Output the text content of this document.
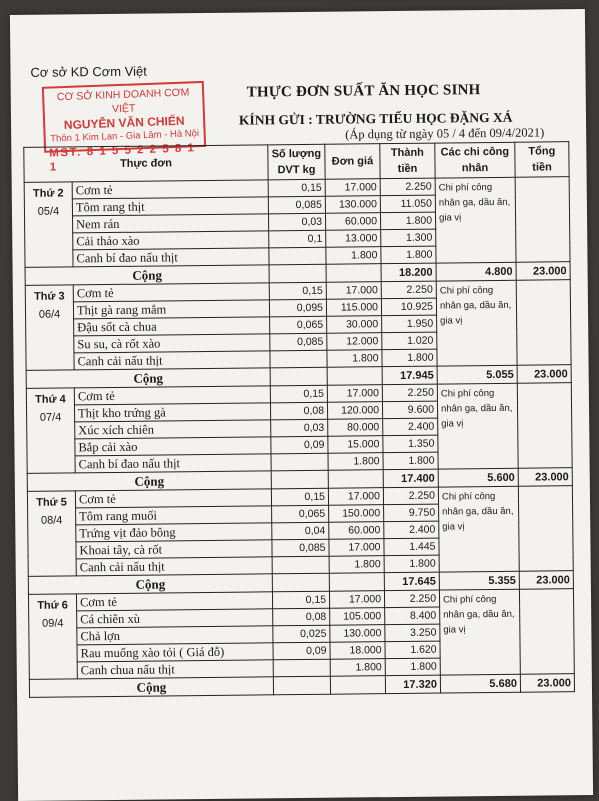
Cơ sở KD Cơm Việt
CƠ SỞ KINH DOANH CƠM VIỆT
NGUYỄN VĂN CHIẾN
Thôn 1 Kim Lan - Gia Lâm - Hà Nội
MST: 8 1 5 5 2 2 5 8 1 1
THỰC ĐƠN SUẤT ĂN HỌC SINH
KÍNH GỬI : TRƯỜNG TIỂU HỌC ĐẶNG XÁ
(Áp dụng từ ngày 05 / 4 đến 09/4/2021)
Thực đơn		Số lượng DVT kg	Đơn giá	Thành tiền	Các chi công nhân	Tổng tiền

Thứ 2
05/4	Cơm tẻ	0,15	17.000	2.250	Chi phí công nhân ga, dầu ăn, gia vị	
	Tôm rang thịt	0,085	130.000	11.050		
	Nem rán	0,03	60.000	1.800		
	Cải thảo xào	0,1	13.000	1.300		
	Canh bí đao nấu thịt		1.800	1.800		
Cộng				18.200	4.800	23.000

Thứ 3
06/4	Cơm tẻ	0,15	17.000	2.250	Chi phí công nhân ga, dầu ăn, gia vị	
	Thịt gà rang mắm	0,095	115.000	10.925		
	Đậu sốt cà chua	0,065	30.000	1.950		
	Su su, cà rốt xào	0,085	12.000	1.020		
	Canh cải nấu thịt		1.800	1.800		
Cộng				17.945	5.055	23.000

Thứ 4
07/4	Cơm tẻ	0,15	17.000	2.250	Chi phí công nhân ga, dầu ăn, gia vị	
	Thịt kho trứng gà	0,08	120.000	9.600		
	Xúc xích chiên	0,03	80.000	2.400		
	Bắp cải xào	0,09	15.000	1.350		
	Canh bí đao nấu thịt		1.800	1.800		
Cộng				17.400	5.600	23.000

Thứ 5
08/4	Cơm tẻ	0,15	17.000	2.250	Chi phí công nhân ga, dầu ăn, gia vị	
	Tôm rang muối	0,065	150.000	9.750		
	Trứng vịt đảo bông	0,04	60.000	2.400		
	Khoai tây, cà rốt	0,085	17.000	1.445		
	Canh cải nấu thịt		1.800	1.800		
Cộng				17.645	5.355	23.000

Thứ 6
09/4	Cơm tẻ	0,15	17.000	2.250	Chi phí công nhân ga, dầu ăn, gia vị	
	Cá chiên xù	0,08	105.000	8.400		
	Chả lợn	0,025	130.000	3.250		
	Rau muống xào tỏi ( Giá đỗ)	0,09	18.000	1.620		
	Canh chua nấu thịt		1.800	1.800		
Cộng				17.320	5.680	23.000
